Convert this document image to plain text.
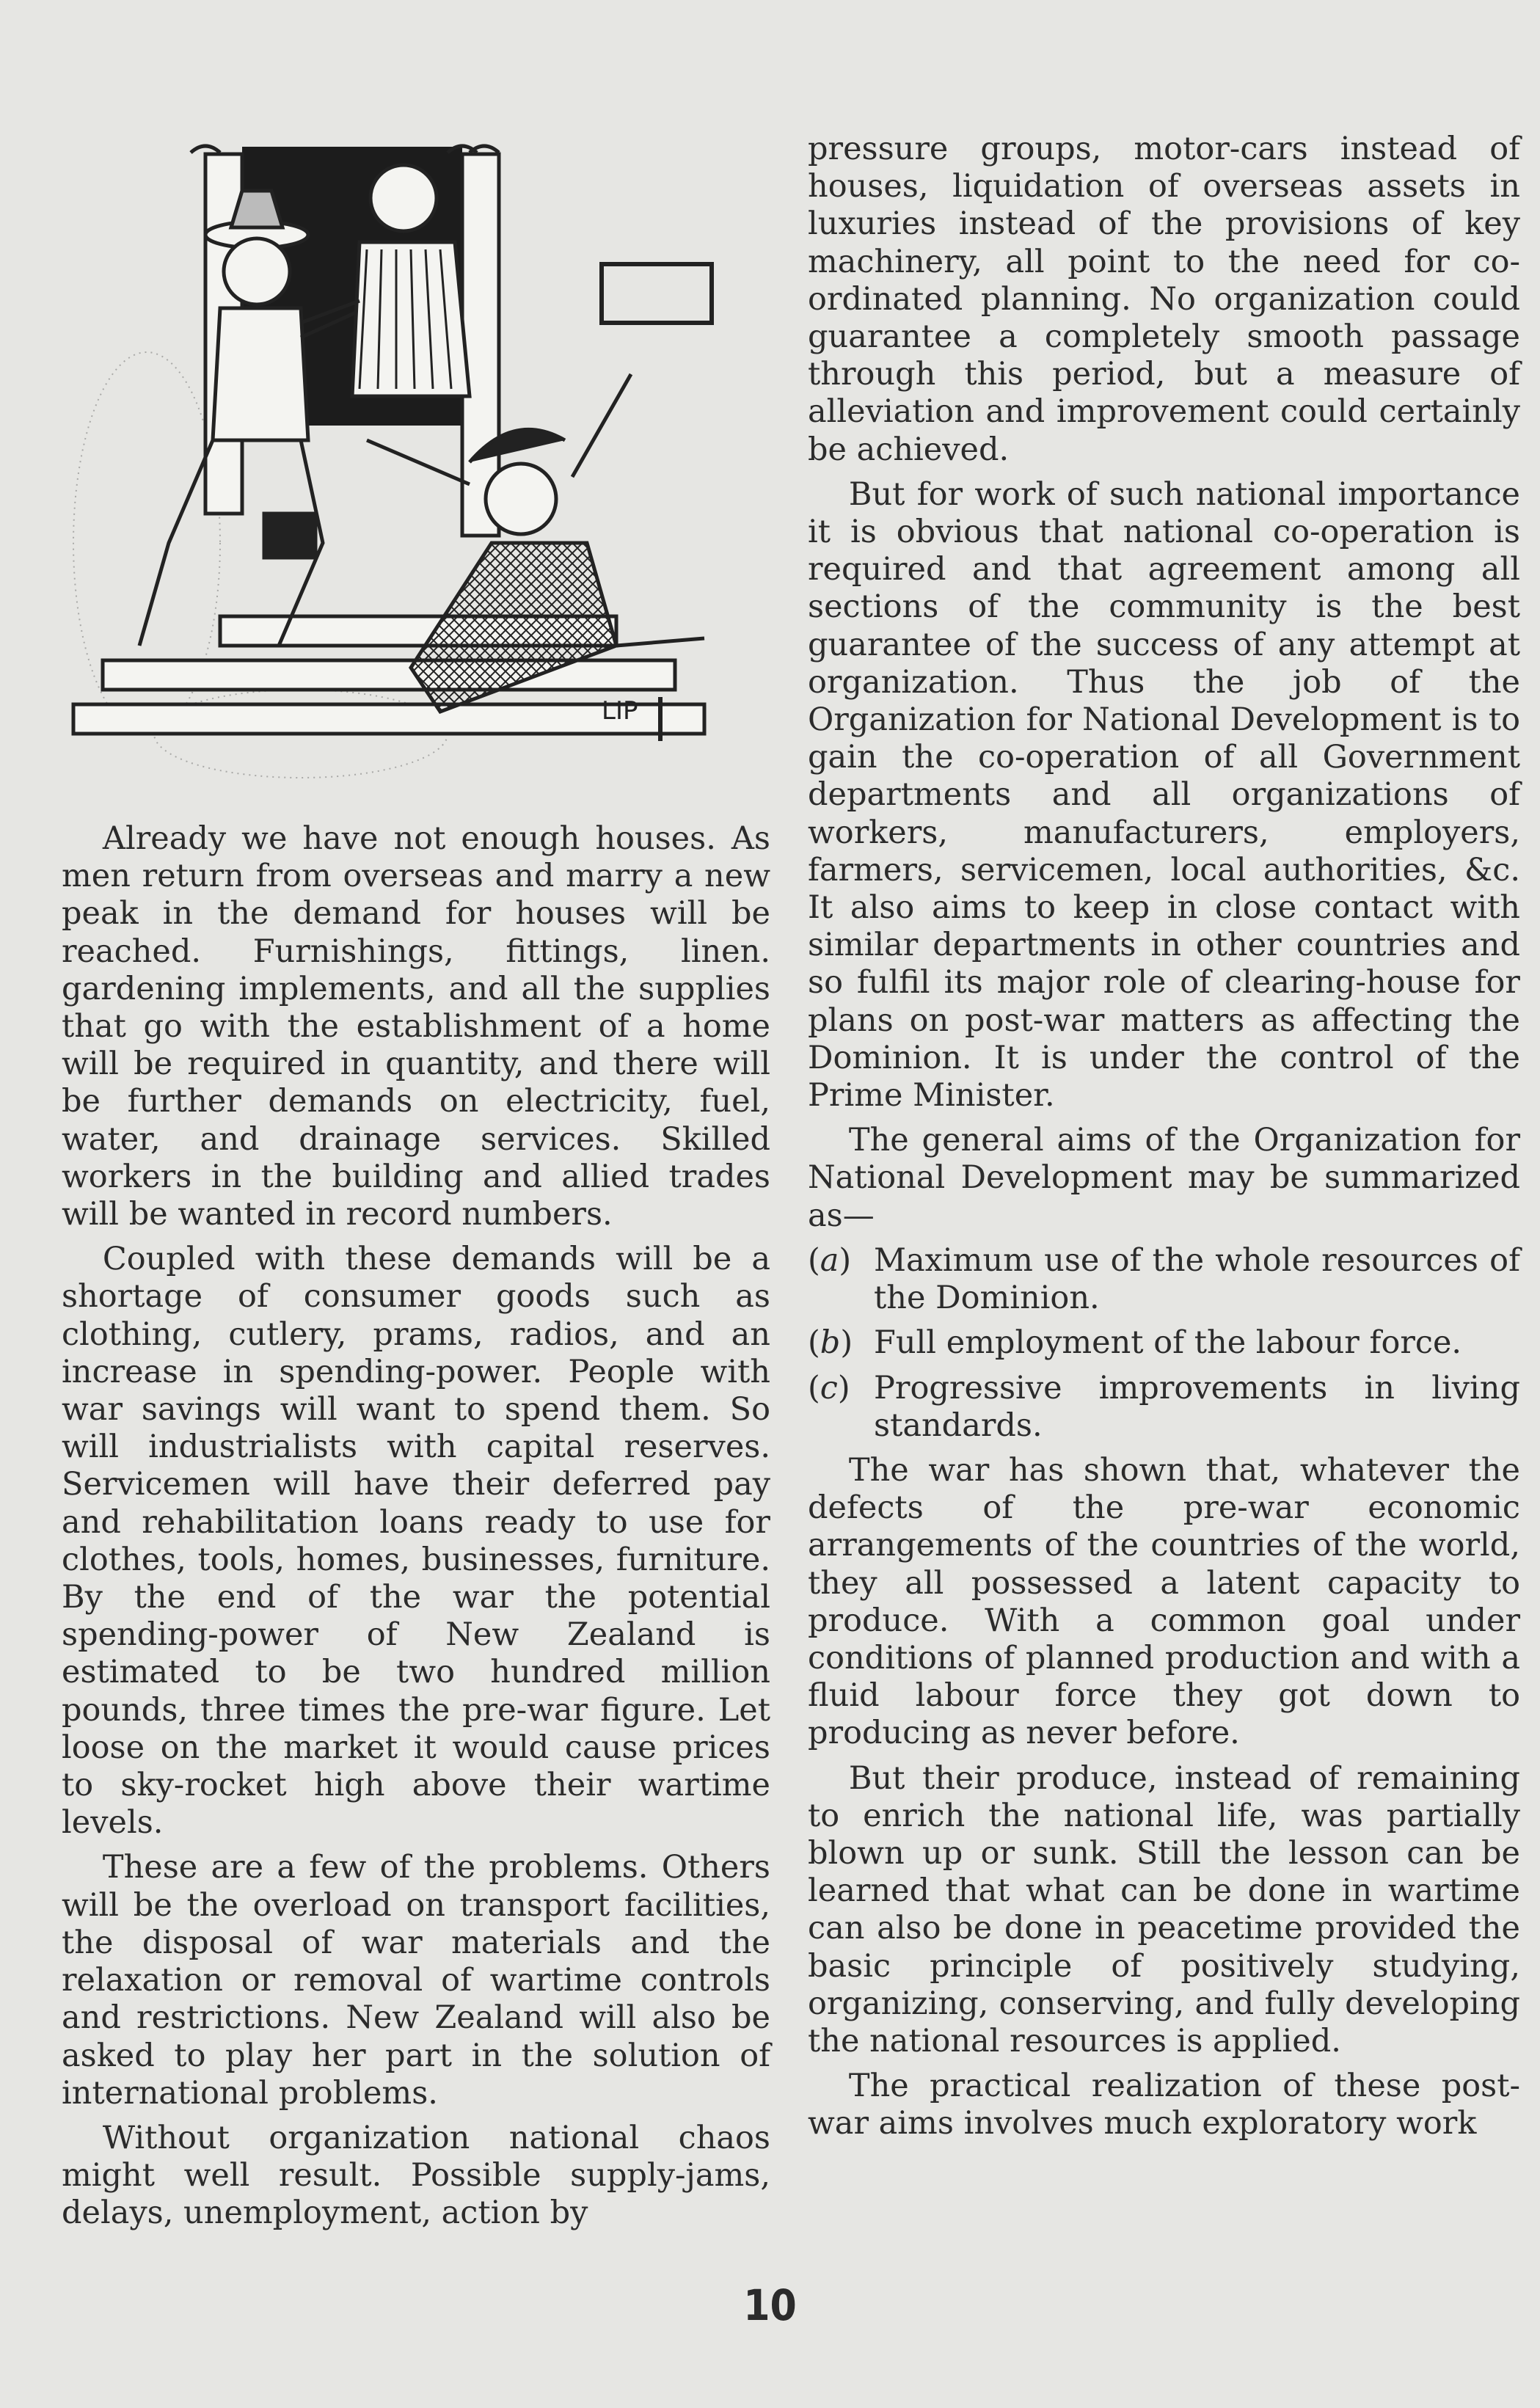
LIP

Already we have not enough houses. As men return from overseas and marry a new peak in the demand for houses will be reached. Furnishings, fittings, linen. gardening implements, and all the supplies that go with the establishment of a home will be required in quantity, and there will be further demands on electricity, fuel, water, and drainage services. Skilled workers in the building and allied trades will be wanted in record numbers.

Coupled with these demands will be a shortage of consumer goods such as clothing, cutlery, prams, radios, and an increase in spending-power. People with war savings will want to spend them. So will industrialists with capital reserves. Servicemen will have their deferred pay and rehabilitation loans ready to use for clothes, tools, homes, businesses, furniture. By the end of the war the potential spending-power of New Zealand is estimated to be two hundred million pounds, three times the pre-war figure. Let loose on the market it would cause prices to sky-rocket high above their wartime levels.

These are a few of the problems. Others will be the overload on transport facilities, the disposal of war materials and the relaxation or removal of wartime controls and restrictions. New Zealand will also be asked to play her part in the solution of international problems.

Without organization national chaos might well result. Possible supply-jams, delays, unemployment, action by

pressure groups, motor-cars instead of houses, liquidation of overseas assets in luxuries instead of the provisions of key machinery, all point to the need for co-ordinated planning. No organization could guarantee a completely smooth passage through this period, but a measure of alleviation and improvement could certainly be achieved.

But for work of such national importance it is obvious that national co-operation is required and that agreement among all sections of the community is the best guarantee of the success of any attempt at organization. Thus the job of the Organization for National Development is to gain the co-operation of all Government departments and all organizations of workers, manufacturers, employers, farmers, servicemen, local authorities, &c. It also aims to keep in close contact with similar departments in other countries and so fulfil its major role of clearing-house for plans on post-war matters as affecting the Dominion. It is under the control of the Prime Minister.

The general aims of the Organization for National Development may be summarized as—

(a) Maximum use of the whole resources of the Dominion.
(b) Full employment of the labour force.
(c) Progressive improvements in living standards.

The war has shown that, whatever the defects of the pre-war economic arrangements of the countries of the world, they all possessed a latent capacity to produce. With a common goal under conditions of planned production and with a fluid labour force they got down to producing as never before.

But their produce, instead of remaining to enrich the national life, was partially blown up or sunk. Still the lesson can be learned that what can be done in wartime can also be done in peacetime provided the basic principle of positively studying, organizing, conserving, and fully developing the national resources is applied.

The practical realization of these post-war aims involves much exploratory work

10
